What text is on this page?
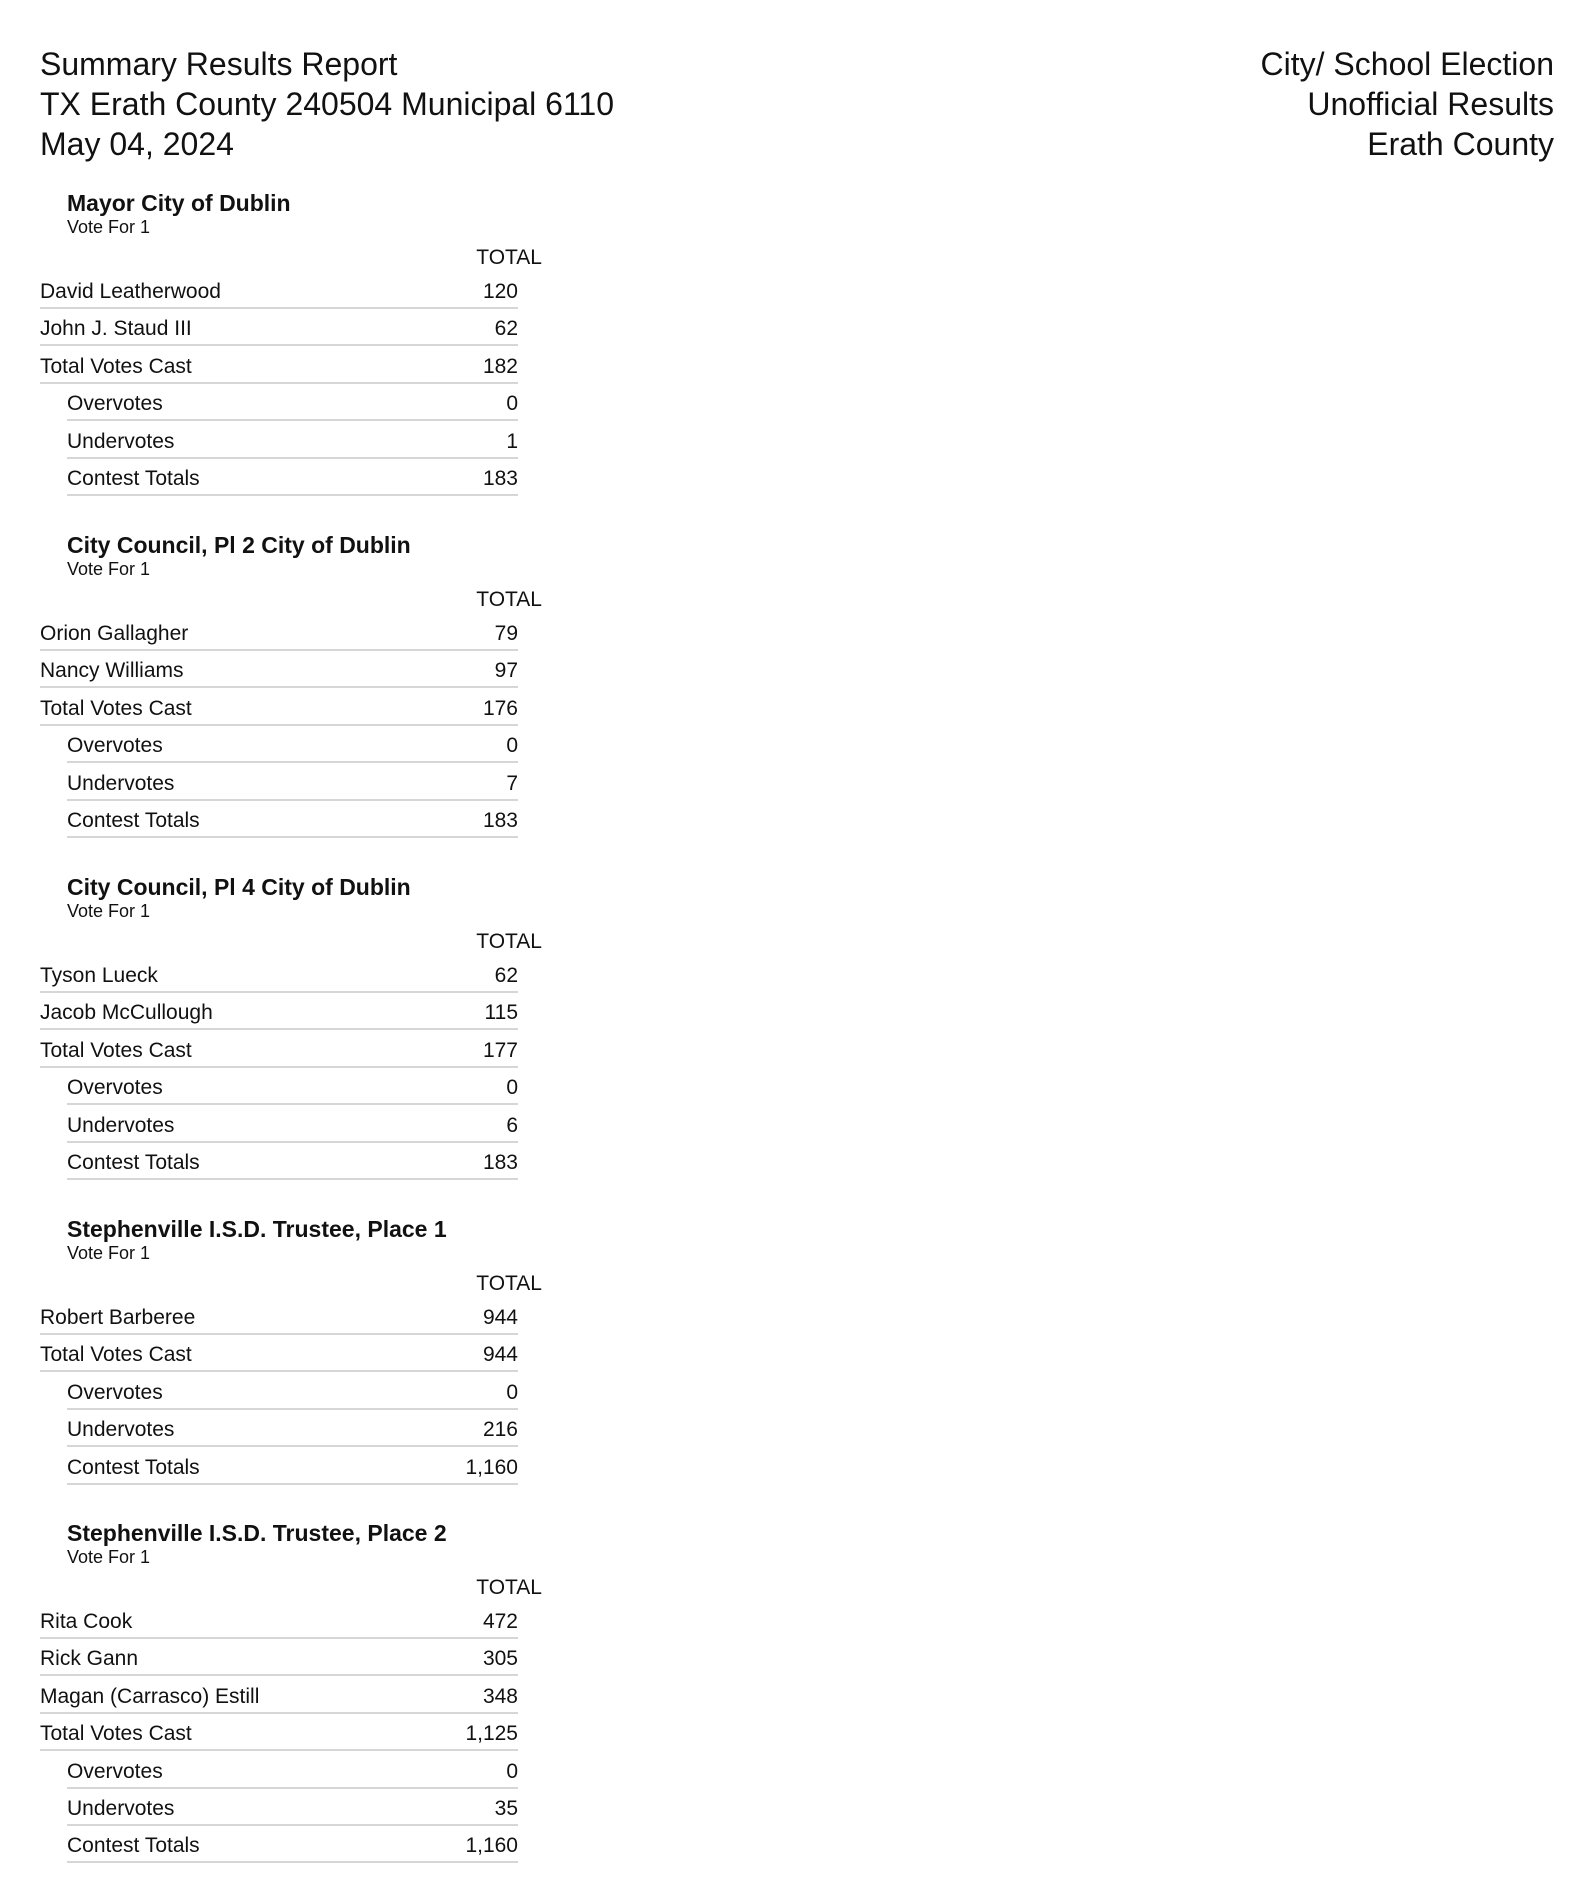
Summary Results Report
TX Erath County 240504 Municipal 6110
May 04, 2024
City/ School Election
Unofficial Results
Erath County
Mayor City of Dublin
Vote For 1
TOTAL
David Leatherwood	120
John J. Staud III	62
Total Votes Cast	182
Overvotes	0
Undervotes	1
Contest Totals	183
City Council, Pl 2 City of Dublin
Vote For 1
TOTAL
Orion Gallagher	79
Nancy Williams	97
Total Votes Cast	176
Overvotes	0
Undervotes	7
Contest Totals	183
City Council, Pl 4 City of Dublin
Vote For 1
TOTAL
Tyson Lueck	62
Jacob McCullough	115
Total Votes Cast	177
Overvotes	0
Undervotes	6
Contest Totals	183
Stephenville I.S.D. Trustee, Place 1
Vote For 1
TOTAL
Robert Barberee	944
Total Votes Cast	944
Overvotes	0
Undervotes	216
Contest Totals	1,160
Stephenville I.S.D. Trustee, Place 2
Vote For 1
TOTAL
Rita Cook	472
Rick Gann	305
Magan (Carrasco) Estill	348
Total Votes Cast	1,125
Overvotes	0
Undervotes	35
Contest Totals	1,160
